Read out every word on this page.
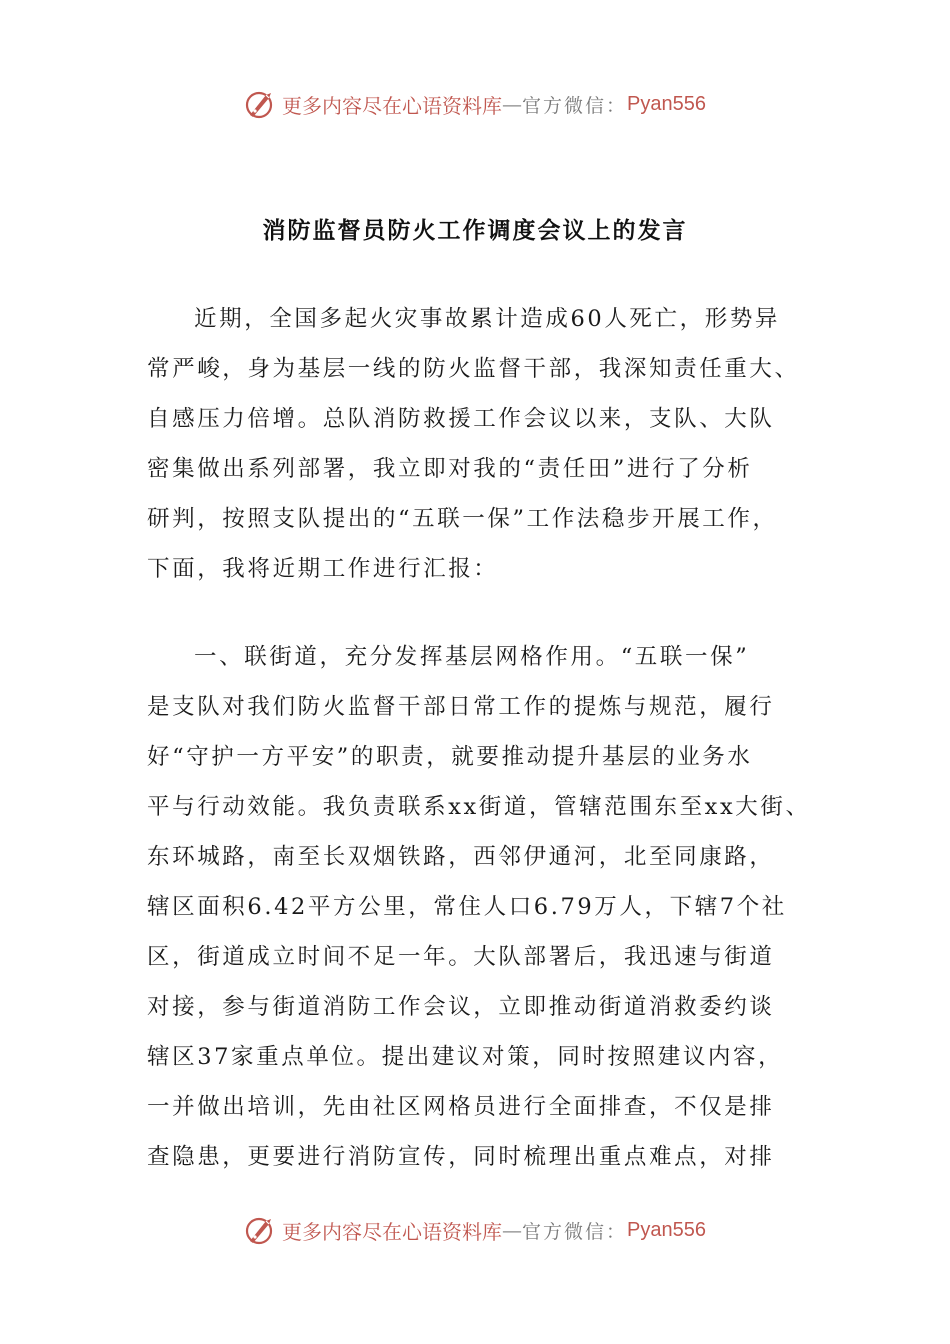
更多内容尽在心语资料库 — 官方微信： Pyan556
消防监督员防火工作调度会议上的发言
近期，全国多起火灾事故累计造成60人死亡，形势异
常严峻，身为基层一线的防火监督干部，我深知责任重大、
自感压力倍增。总队消防救援工作会议以来，支队、大队
密集做出系列部署，我立即对我的“责任田”进行了分析
研判，按照支队提出的“五联一保”工作法稳步开展工作，
下面，我将近期工作进行汇报：
一、联街道，充分发挥基层网格作用。“五联一保”
是支队对我们防火监督干部日常工作的提炼与规范，履行
好“守护一方平安”的职责，就要推动提升基层的业务水
平与行动效能。我负责联系xx街道，管辖范围东至xx大街、
东环城路，南至长双烟铁路，西邻伊通河，北至同康路，
辖区面积6.42平方公里，常住人口6.79万人，下辖7个社
区，街道成立时间不足一年。大队部署后，我迅速与街道
对接，参与街道消防工作会议，立即推动街道消救委约谈
辖区37家重点单位。提出建议对策，同时按照建议内容，
一并做出培训，先由社区网格员进行全面排查，不仅是排
查隐患，更要进行消防宣传，同时梳理出重点难点，对排
更多内容尽在心语资料库 — 官方微信： Pyan556
